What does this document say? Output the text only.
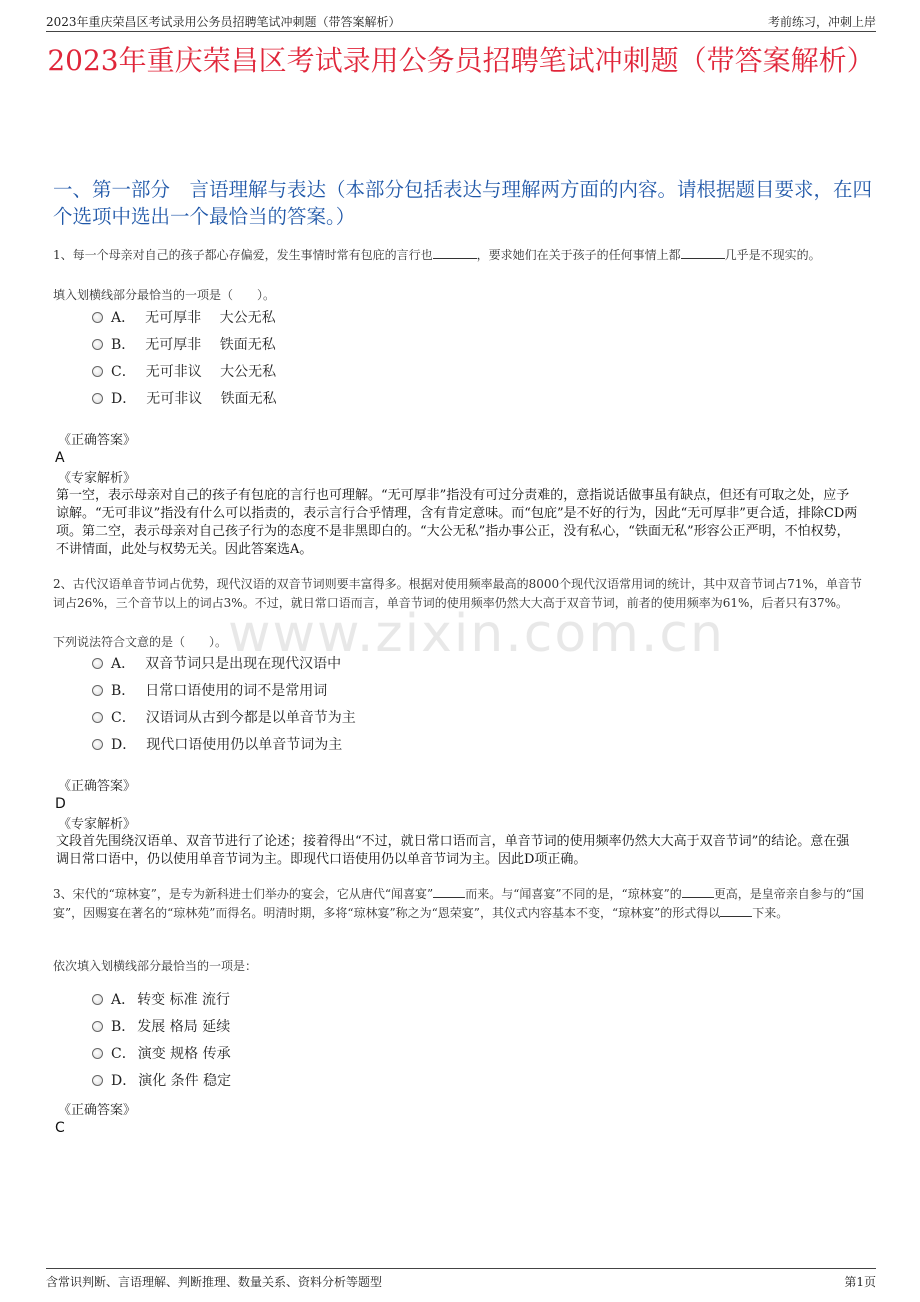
2023年重庆荣昌区考试录用公务员招聘笔试冲刺题（带答案解析）	考前练习，冲刺上岸
2023年重庆荣昌区考试录用公务员招聘笔试冲刺题（带答案解析）
一、第一部分　言语理解与表达（本部分包括表达与理解两方面的内容。请根据题目要求，在四个选项中选出一个最恰当的答案。）
1、每一个母亲对自己的孩子都心存偏爱，发生事情时常有包庇的言行也	，要求她们在关于孩子的任何事情上都	几乎是不现实的。
填入划横线部分最恰当的一项是（　　）。
A． 无可厚非　 大公无私
B． 无可厚非　 铁面无私
C． 无可非议　 大公无私
D． 无可非议　 铁面无私
《正确答案》
A
《专家解析》
第一空，表示母亲对自己的孩子有包庇的言行也可理解。“无可厚非”指没有可过分责难的，意指说话做事虽有缺点，但还有可取之处，应予谅解。“无可非议”指没有什么可以指责的，表示言行合乎情理，含有肯定意味。而“包庇”是不好的行为，因此“无可厚非”更合适，排除CD两项。第二空，表示母亲对自己孩子行为的态度不是非黑即白的。“大公无私”指办事公正，没有私心，“铁面无私”形容公正严明，不怕权势，不讲情面，此处与权势无关。因此答案选A。
2、古代汉语单音节词占优势，现代汉语的双音节词则要丰富得多。根据对使用频率最高的8000个现代汉语常用词的统计，其中双音节词占71%，单音节词占26%，三个音节以上的词占3%。不过，就日常口语而言，单音节词的使用频率仍然大大高于双音节词，前者的使用频率为61%，后者只有37%。
下列说法符合文意的是（　　）。
A． 双音节词只是出现在现代汉语中
B． 日常口语使用的词不是常用词
C． 汉语词从古到今都是以单音节为主
D． 现代口语使用仍以单音节词为主
《正确答案》
D
《专家解析》
文段首先围绕汉语单、双音节进行了论述；接着得出“不过，就日常口语而言，单音节词的使用频率仍然大大高于双音节词”的结论。意在强调日常口语中，仍以使用单音节词为主。即现代口语使用仍以单音节词为主。因此D项正确。
3、宋代的“琼林宴”，是专为新科进士们举办的宴会，它从唐代“闻喜宴”	而来。与“闻喜宴”不同的是，“琼林宴”的	更高，是皇帝亲自参与的“国宴”，因赐宴在著名的“琼林苑”而得名。明清时期，多将“琼林宴”称之为“恩荣宴”，其仪式内容基本不变，“琼林宴”的形式得以	下来。
依次填入划横线部分最恰当的一项是：
A． 转变 标准 流行
B． 发展 格局 延续
C． 演变 规格 传承
D． 演化 条件 稳定
《正确答案》
C
www.zixin.com.cn
含常识判断、言语理解、判断推理、数量关系、资料分析等题型	第1页
